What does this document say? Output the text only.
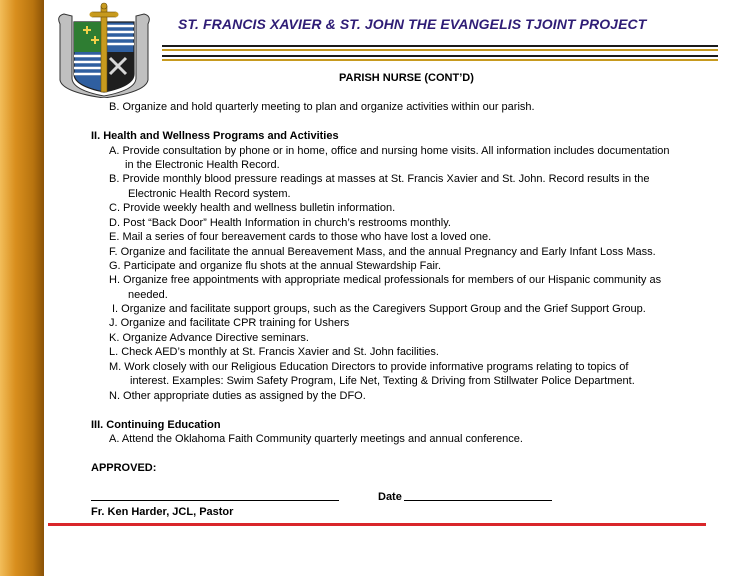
ST. FRANCIS XAVIER & ST. JOHN THE EVANGELIS TJOINT PROJECT
PARISH NURSE (CONT’D)
B. Organize and hold quarterly meeting to plan and organize activities within our parish.
II. Health and Wellness Programs and Activities
A. Provide consultation by phone or in home, office and nursing home visits. All information includes documentation
in the Electronic Health Record.
B. Provide monthly blood pressure readings at masses at St. Francis Xavier and St. John. Record results in the
Electronic Health Record system.
C. Provide weekly health and wellness bulletin information.
D. Post “Back Door” Health Information in church’s restrooms monthly.
E. Mail a series of four bereavement cards to those who have lost a loved one.
F. Organize and facilitate the annual Bereavement Mass, and the annual Pregnancy and Early Infant Loss Mass.
G. Participate and organize flu shots at the annual Stewardship Fair.
H. Organize free appointments with appropriate medical professionals for members of our Hispanic community as
needed.
I. Organize and facilitate support groups, such as the Caregivers Support Group and the Grief Support Group.
J. Organize and facilitate CPR training for Ushers
K. Organize Advance Directive seminars.
L. Check AED’s monthly at St. Francis Xavier and St. John facilities.
M. Work closely with our Religious Education Directors to provide informative programs relating to topics of
interest. Examples: Swim Safety Program, Life Net, Texting & Driving from Stillwater Police Department.
N. Other appropriate duties as assigned by the DFO.
III. Continuing Education
A. Attend the Oklahoma Faith Community quarterly meetings and annual conference.
APPROVED:
Date
Fr. Ken Harder, JCL, Pastor
